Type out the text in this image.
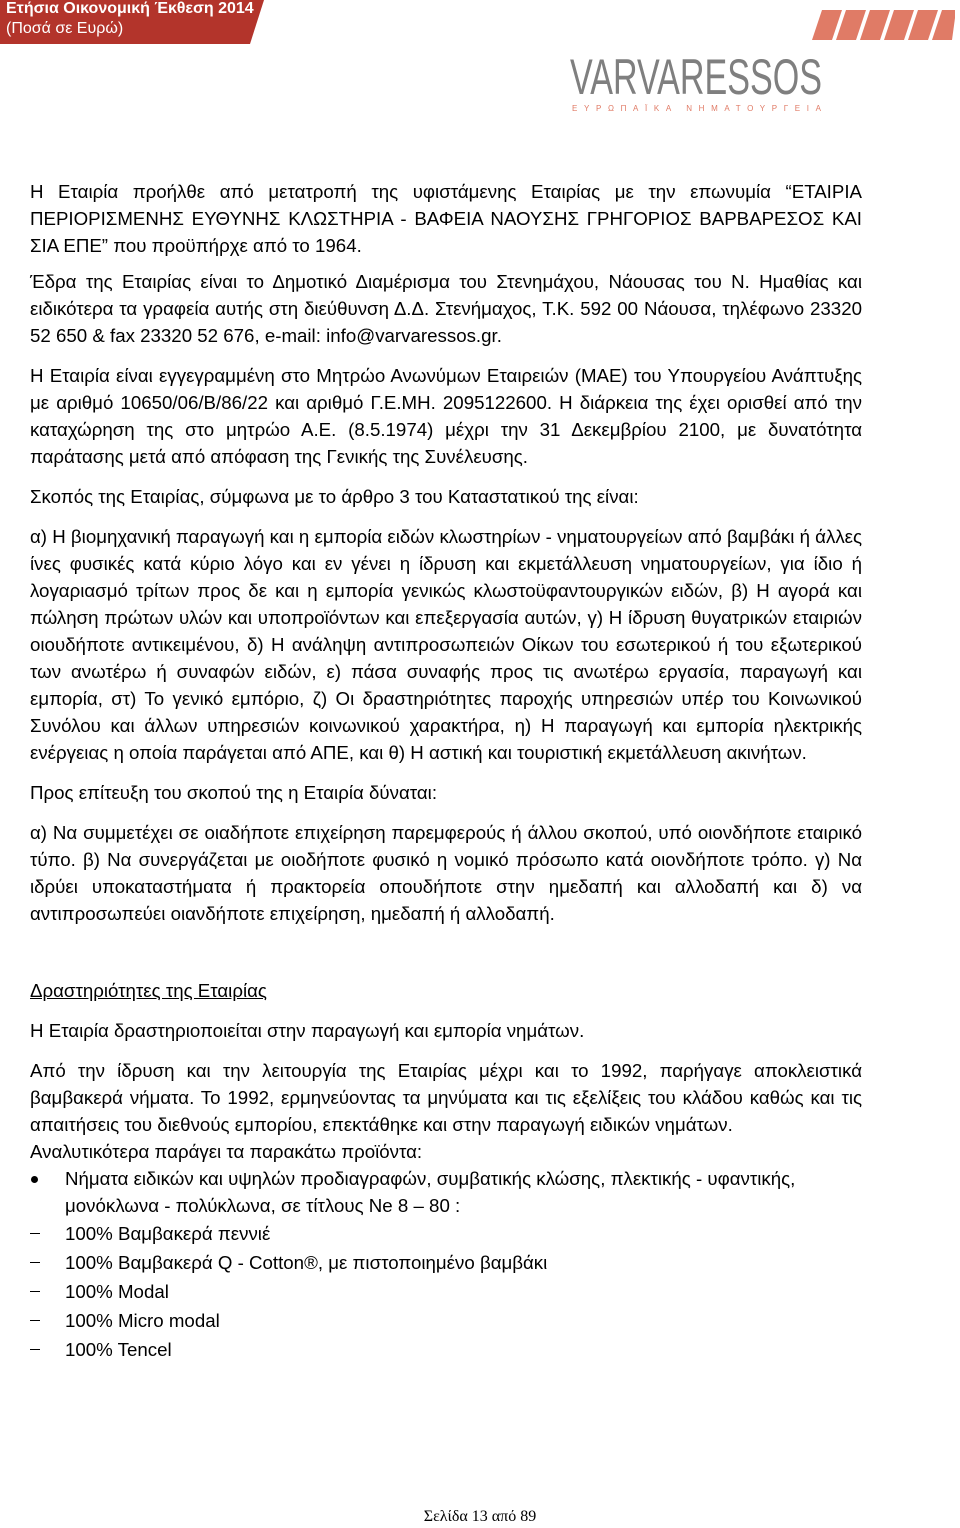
Ετήσια Οικονομική Έκθεση 2014
(Ποσά σε Ευρώ)
VARVARESSOS
ΕΥΡΩΠΑΪΚΑ ΝΗΜΑΤΟΥΡΓΕΙΑ

Η Εταιρία προήλθε από μετατροπή της υφιστάμενης Εταιρίας με την επωνυμία “ΕΤΑΙΡΙΑ ΠΕΡΙΟΡΙΣΜΕΝΗΣ ΕΥΘΥΝΗΣ ΚΛΩΣΤΗΡΙΑ - ΒΑΦΕΙΑ ΝΑΟΥΣΗΣ ΓΡΗΓΟΡΙΟΣ ΒΑΡΒΑΡΕΣΟΣ ΚΑΙ ΣΙΑ ΕΠΕ” που προϋπήρχε από το 1964.

Έδρα της Εταιρίας είναι το Δημοτικό Διαμέρισμα του Στενημάχου, Νάουσας του Ν. Ημαθίας και ειδικότερα τα γραφεία αυτής στη διεύθυνση Δ.Δ. Στενήμαχος, Τ.Κ. 592 00 Νάουσα, τηλέφωνο 23320 52 650 & fax 23320 52 676, e-mail: info@varvaressos.gr.

Η Εταιρία είναι εγγεγραμμένη στο Μητρώο Ανωνύμων Εταιρειών (ΜΑΕ) του Υπουργείου Ανάπτυξης με αριθμό 10650/06/Β/86/22 και αριθμό Γ.Ε.ΜΗ. 2095122600. Η διάρκεια της έχει ορισθεί από την καταχώρηση της στο μητρώο Α.Ε. (8.5.1974) μέχρι την 31 Δεκεμβρίου 2100, με δυνατότητα παράτασης μετά από απόφαση της Γενικής της Συνέλευσης.

Σκοπός της Εταιρίας, σύμφωνα με το άρθρο 3 του Καταστατικού της είναι:

α) Η βιομηχανική παραγωγή και η εμπορία ειδών κλωστηρίων - νηματουργείων από βαμβάκι ή άλλες ίνες φυσικές κατά κύριο λόγο και εν γένει η ίδρυση και εκμετάλλευση νηματουργείων, για ίδιο ή λογαριασμό τρίτων προς δε και η εμπορία γενικώς κλωστοϋφαντουργικών ειδών, β) Η αγορά και πώληση πρώτων υλών και υποπροϊόντων και επεξεργασία αυτών, γ) Η ίδρυση θυγατρικών εταιριών οιουδήποτε αντικειμένου, δ) Η ανάληψη αντιπροσωπειών Οίκων του εσωτερικού ή του εξωτερικού των ανωτέρω ή συναφών ειδών, ε) πάσα συναφής προς τις ανωτέρω εργασία, παραγωγή και εμπορία, στ) Το γενικό εμπόριο, ζ) Οι δραστηριότητες παροχής υπηρεσιών υπέρ του Κοινωνικού Συνόλου και άλλων υπηρεσιών κοινωνικού χαρακτήρα, η) Η παραγωγή και εμπορία ηλεκτρικής ενέργειας η οποία παράγεται από ΑΠΕ, και θ) Η αστική και τουριστική εκμετάλλευση ακινήτων.

Προς επίτευξη του σκοπού της η Εταιρία δύναται:

α) Να συμμετέχει σε οιαδήποτε επιχείρηση παρεμφερούς ή άλλου σκοπού, υπό οιονδήποτε εταιρικό τύπο. β) Να συνεργάζεται με οιοδήποτε φυσικό η νομικό πρόσωπο κατά οιονδήποτε τρόπο. γ) Να ιδρύει υποκαταστήματα ή πρακτορεία οπουδήποτε στην ημεδαπή και αλλοδαπή και δ) να αντιπροσωπεύει οιανδήποτε επιχείρηση, ημεδαπή ή αλλοδαπή.

Δραστηριότητες της Εταιρίας

Η Εταιρία δραστηριοποιείται στην παραγωγή και εμπορία νημάτων.

Από την ίδρυση και την λειτουργία της Εταιρίας μέχρι και το 1992, παρήγαγε αποκλειστικά βαμβακερά νήματα. Το 1992, ερμηνεύοντας τα μηνύματα και τις εξελίξεις του κλάδου καθώς και τις απαιτήσεις του διεθνούς εμπορίου, επεκτάθηκε και στην παραγωγή ειδικών νημάτων.

Αναλυτικότερα παράγει τα παρακάτω προϊόντα:

Νήματα ειδικών και υψηλών προδιαγραφών, συμβατικής κλώσης, πλεκτικής - υφαντικής, μονόκλωνα - πολύκλωνα, σε τίτλους Ne 8 – 80 :
100% Βαμβακερά πεννιέ
100% Βαμβακερά Q - Cotton®, με πιστοποιημένο βαμβάκι
100% Modal
100% Micro modal
100% Tencel
Σελίδα 13 από 89
